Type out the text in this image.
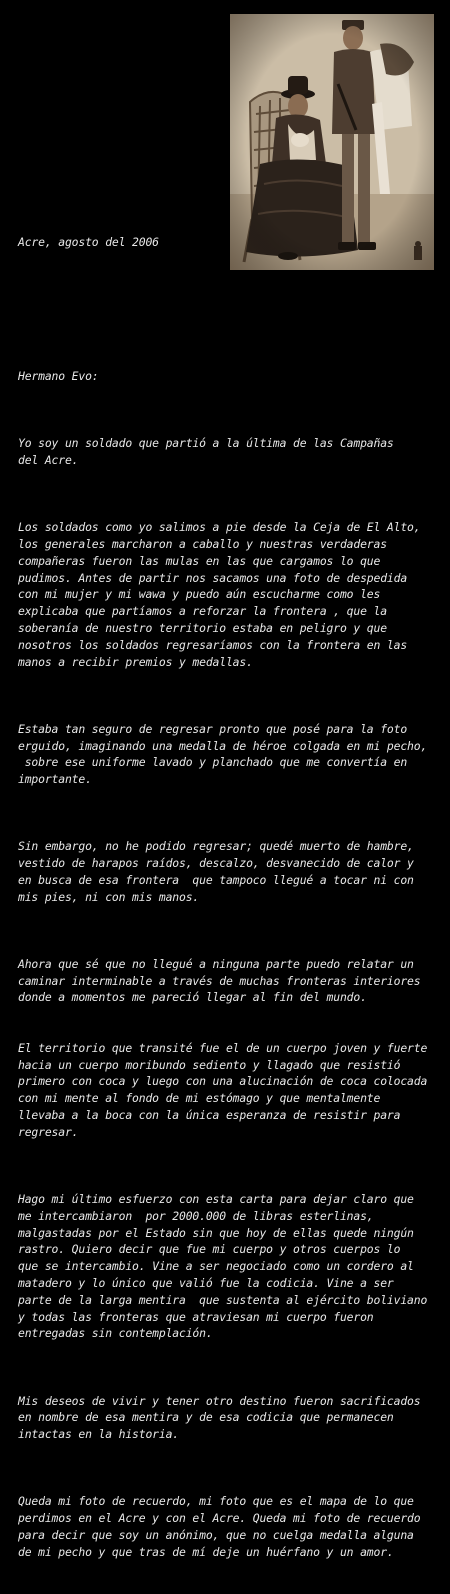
Acre, agosto del 2006

Hermano Evo:

Yo soy un soldado que partió a la última de las Campañas
del Acre.

Los soldados como yo salimos a pie desde la Ceja de El Alto,
los generales marcharon a caballo y nuestras verdaderas
compañeras fueron las mulas en las que cargamos lo que
pudimos. Antes de partir nos sacamos una foto de despedida
con mi mujer y mi wawa y puedo aún escucharme como les
explicaba que partíamos a reforzar la frontera , que la
soberanía de nuestro territorio estaba en peligro y que
nosotros los soldados regresaríamos con la frontera en las
manos a recibir premios y medallas.

Estaba tan seguro de regresar pronto que posé para la foto
erguido, imaginando una medalla de héroe colgada en mi pecho,
sobre ese uniforme lavado y planchado que me convertía en
importante.

Sin embargo, no he podido regresar; quedé muerto de hambre,
vestido de harapos raídos, descalzo, desvanecido de calor y
en busca de esa frontera  que tampoco llegué a tocar ni con
mis pies, ni con mis manos.

Ahora que sé que no llegué a ninguna parte puedo relatar un
caminar interminable a través de muchas fronteras interiores
donde a momentos me pareció llegar al fin del mundo.

El territorio que transité fue el de un cuerpo joven y fuerte
hacia un cuerpo moribundo sediento y llagado que resistió
primero con coca y luego con una alucinación de coca colocada
con mi mente al fondo de mi estómago y que mentalmente
llevaba a la boca con la única esperanza de resistir para
regresar.

Hago mi último esfuerzo con esta carta para dejar claro que
me intercambiaron  por 2000.000 de libras esterlinas,
malgastadas por el Estado sin que hoy de ellas quede ningún
rastro. Quiero decir que fue mi cuerpo y otros cuerpos lo
que se intercambio. Vine a ser negociado como un cordero al
matadero y lo único que valió fue la codicia. Vine a ser
parte de la larga mentira  que sustenta al ejército boliviano
y todas las fronteras que atraviesan mi cuerpo fueron
entregadas sin contemplación.

Mis deseos de vivir y tener otro destino fueron sacrificados
en nombre de esa mentira y de esa codicia que permanecen
intactas en la historia.

Queda mi foto de recuerdo, mi foto que es el mapa de lo que
perdimos en el Acre y con el Acre. Queda mi foto de recuerdo
para decir que soy un anónimo, que no cuelga medalla alguna
de mi pecho y que tras de mí deje un huérfano y un amor.
